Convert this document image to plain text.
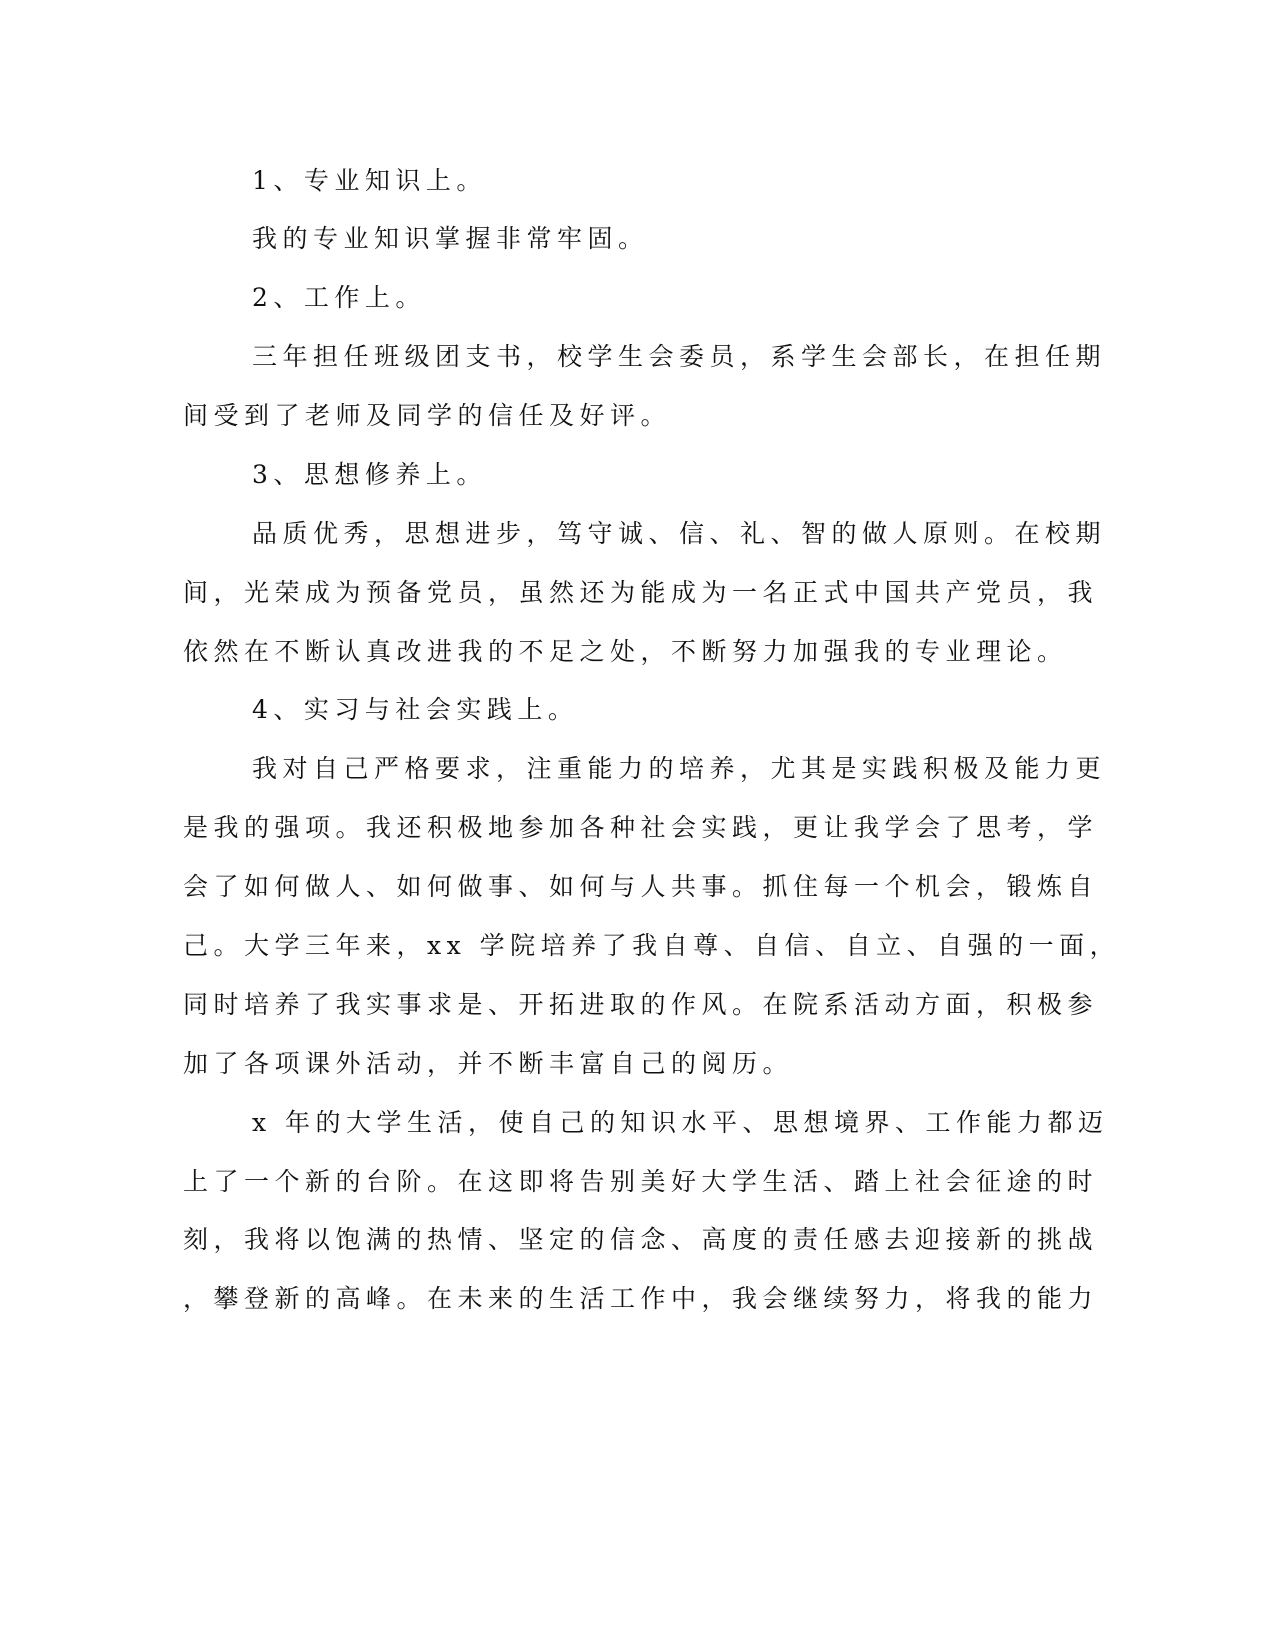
1、专业知识上。
我的专业知识掌握非常牢固。
2、工作上。
三年担任班级团支书，校学生会委员，系学生会部长，在担任期
间受到了老师及同学的信任及好评。
3、思想修养上。
品质优秀，思想进步，笃守诚、信、礼、智的做人原则。在校期
间，光荣成为预备党员，虽然还为能成为一名正式中国共产党员，我
依然在不断认真改进我的不足之处，不断努力加强我的专业理论。
4、实习与社会实践上。
我对自己严格要求，注重能力的培养，尤其是实践积极及能力更
是我的强项。我还积极地参加各种社会实践，更让我学会了思考，学
会了如何做人、如何做事、如何与人共事。抓住每一个机会，锻炼自
己。大学三年来，xx 学院培养了我自尊、自信、自立、自强的一面，
同时培养了我实事求是、开拓进取的作风。在院系活动方面，积极参
加了各项课外活动，并不断丰富自己的阅历。
x 年的大学生活，使自己的知识水平、思想境界、工作能力都迈
上了一个新的台阶。在这即将告别美好大学生活、踏上社会征途的时
刻，我将以饱满的热情、坚定的信念、高度的责任感去迎接新的挑战
，攀登新的高峰。在未来的生活工作中，我会继续努力，将我的能力
